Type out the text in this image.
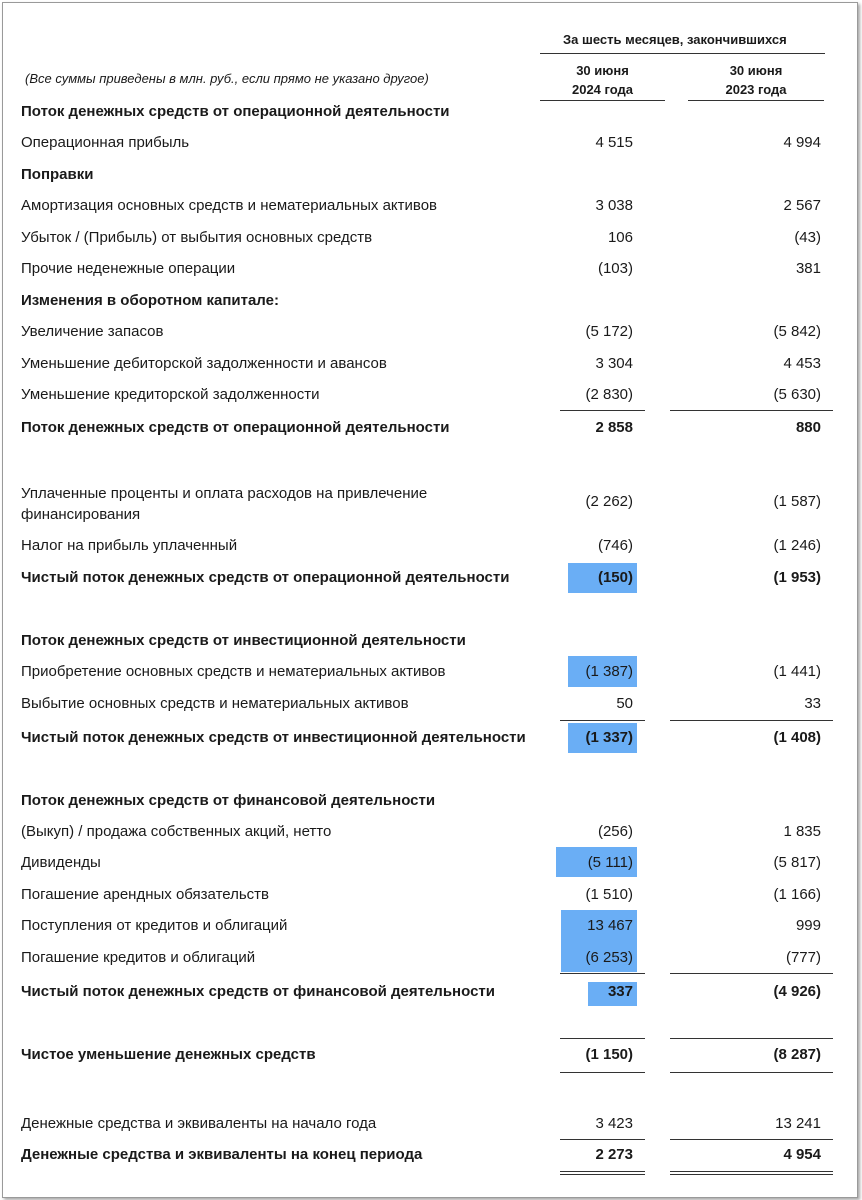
За шесть месяцев, закончившихся
(Все суммы приведены в млн. руб., если прямо не указано другое)
30 июня
2024 года
30 июня
2023 года
Поток денежных средств от операционной деятельности
Операционная прибыль	4 515	4 994
Поправки
Амортизация основных средств и нематериальных активов	3 038	2 567
Убыток / (Прибыль) от выбытия основных средств	106	(43)
Прочие неденежные операции	(103)	381
Изменения в оборотном капитале:
Увеличение запасов	(5 172)	(5 842)
Уменьшение дебиторской задолженности и авансов	3 304	4 453
Уменьшение кредиторской задолженности	(2 830)	(5 630)
Поток денежных средств от операционной деятельности	2 858	880
Уплаченные проценты и оплата расходов на привлечение финансирования
(2 262)	(1 587)
Налог на прибыль уплаченный	(746)	(1 246)
Чистый поток денежных средств от операционной деятельности	(150)	(1 953)
Поток денежных средств от инвестиционной деятельности
Приобретение основных средств и нематериальных активов	(1 387)	(1 441)
Выбытие основных средств и нематериальных активов	50	33
Чистый поток денежных средств от инвестиционной деятельности	(1 337)	(1 408)
Поток денежных средств от финансовой деятельности
(Выкуп) / продажа собственных акций, нетто	(256)	1 835
Дивиденды	(5 111)	(5 817)
Погашение арендных обязательств	(1 510)	(1 166)
Поступления от кредитов и облигаций	13 467	999
Погашение кредитов и облигаций	(6 253)	(777)
Чистый поток денежных средств от финансовой деятельности	337	(4 926)
Чистое уменьшение денежных средств	(1 150)	(8 287)
Денежные средства и эквиваленты на начало года	3 423	13 241
Денежные средства и эквиваленты на конец периода	2 273	4 954
